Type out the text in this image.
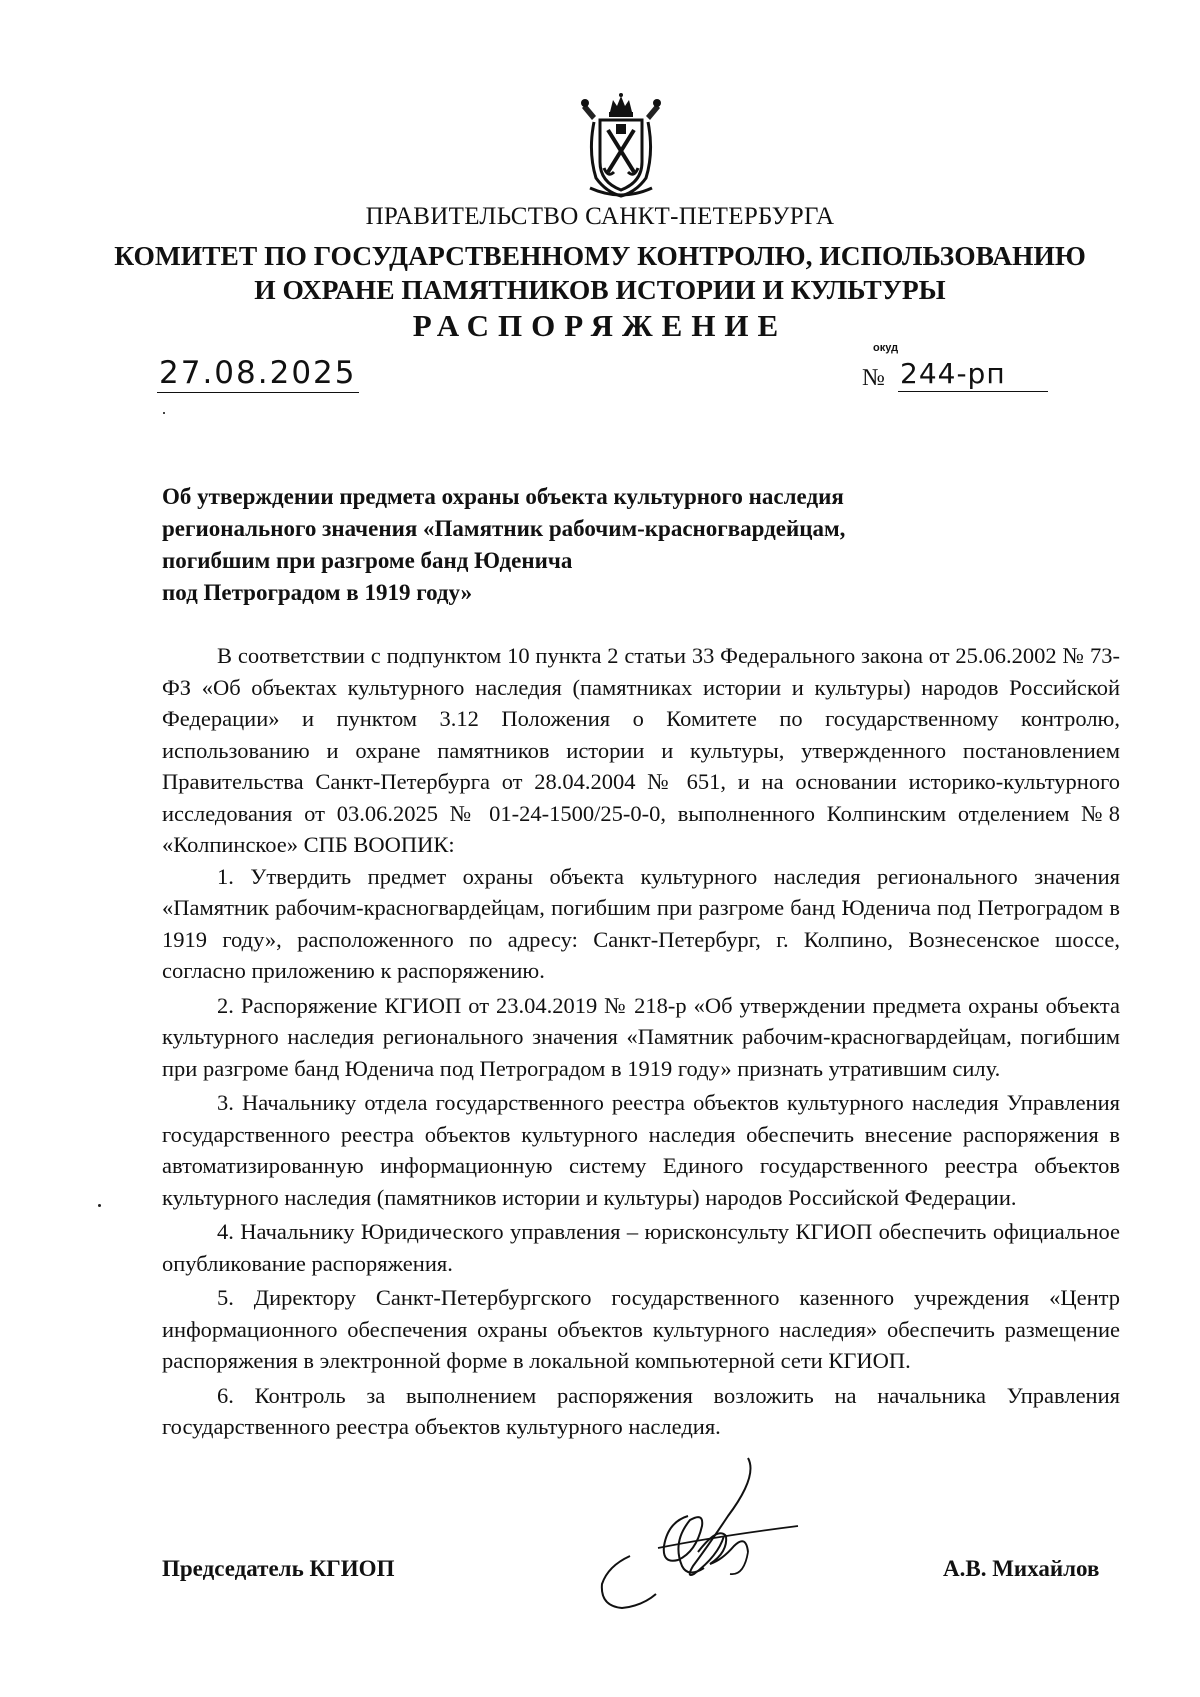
ПРАВИТЕЛЬСТВО САНКТ-ПЕТЕРБУРГА
КОМИТЕТ ПО ГОСУДАРСТВЕННОМУ КОНТРОЛЮ, ИСПОЛЬЗОВАНИЮ
И ОХРАНЕ ПАМЯТНИКОВ ИСТОРИИ И КУЛЬТУРЫ
РАСПОРЯЖЕНИЕ
окуд
27.08.2025	№ 244-рп
Об утверждении предмета охраны объекта культурного наследия
регионального значения «Памятник рабочим-красногвардейцам,
погибшим при разгроме банд Юденича
под Петроградом в 1919 году»

В соответствии с подпунктом 10 пункта 2 статьи 33 Федерального закона от 25.06.2002 № 73-ФЗ «Об объектах культурного наследия (памятниках истории и культуры) народов Российской Федерации» и пунктом 3.12 Положения о Комитете по государственному контролю, использованию и охране памятников истории и культуры, утвержденного постановлением Правительства Санкт-Петербурга от 28.04.2004 № 651, и на основании историко-культурного исследования от 03.06.2025 № 01-24-1500/25-0-0, выполненного Колпинским отделением №8 «Колпинское» СПБ ВООПИК:

1. Утвердить предмет охраны объекта культурного наследия регионального значения «Памятник рабочим-красногвардейцам, погибшим при разгроме банд Юденича под Петроградом в 1919 году», расположенного по адресу: Санкт-Петербург, г. Колпино, Вознесенское шоссе, согласно приложению к распоряжению.

2. Распоряжение КГИОП от 23.04.2019 № 218-р «Об утверждении предмета охраны объекта культурного наследия регионального значения «Памятник рабочим-красногвардейцам, погибшим при разгроме банд Юденича под Петроградом в 1919 году» признать утратившим силу.

3. Начальнику отдела государственного реестра объектов культурного наследия Управления государственного реестра объектов культурного наследия обеспечить внесение распоряжения в автоматизированную информационную систему Единого государственного реестра объектов культурного наследия (памятников истории и культуры) народов Российской Федерации.

4. Начальнику Юридического управления – юрисконсульту КГИОП обеспечить официальное опубликование распоряжения.

5. Директору Санкт-Петербургского государственного казенного учреждения «Центр информационного обеспечения охраны объектов культурного наследия» обеспечить размещение распоряжения в электронной форме в локальной компьютерной сети КГИОП.

6. Контроль за выполнением распоряжения возложить на начальника Управления государственного реестра объектов культурного наследия.

Председатель КГИОП	А.В. Михайлов
